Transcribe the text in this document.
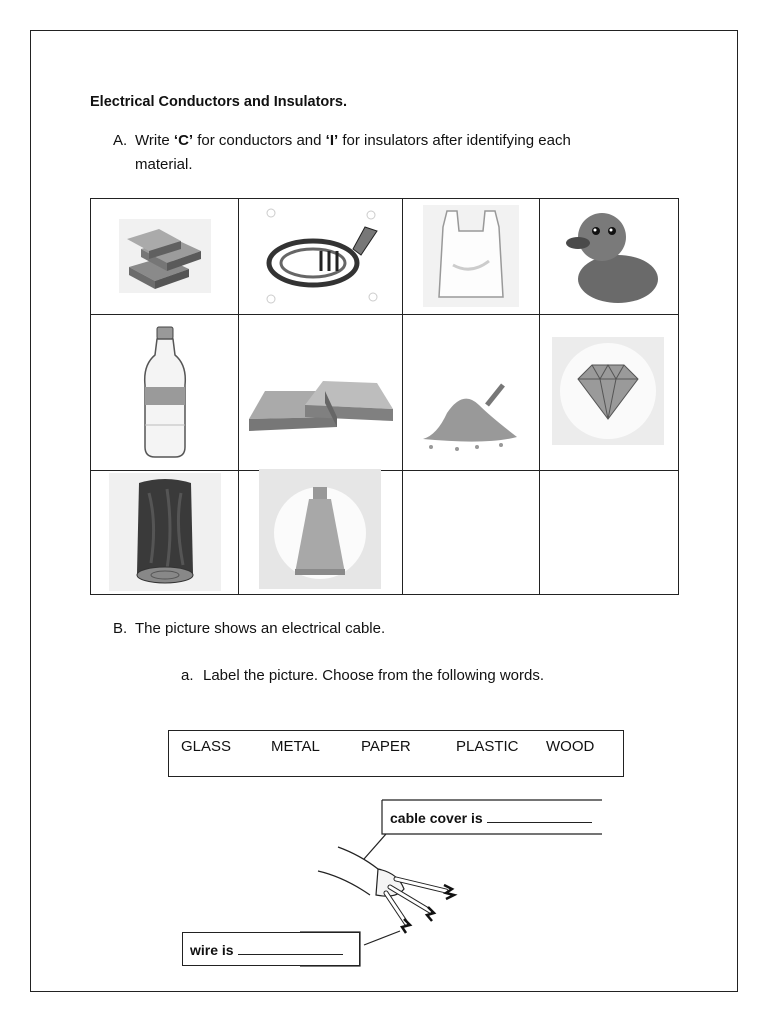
Electrical Conductors and Insulators.
A. Write ‘C’ for conductors and ‘I’ for insulators after identifying each
material.

B. The picture shows an electrical cable.
a. Label the picture. Choose from the following words.
GLASS	METAL	PAPER	PLASTIC WOOD
cable cover is
wire is
